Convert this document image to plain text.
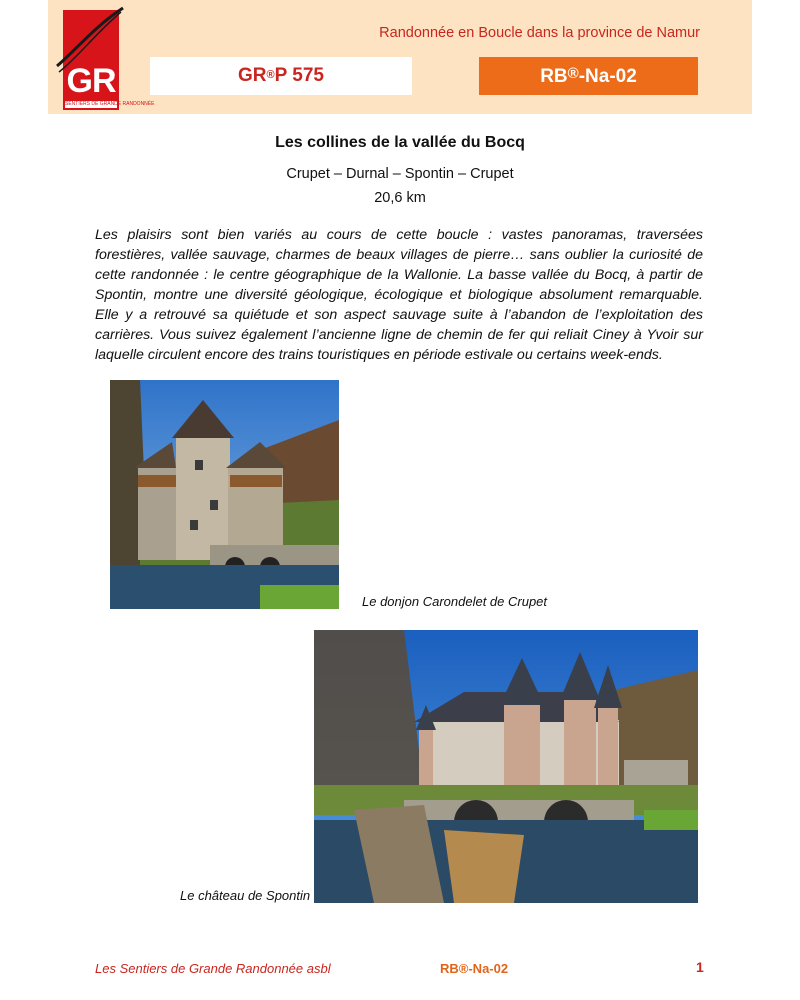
GR
SENTIERS DE GRANDE RANDONNÉE
Randonnée en Boucle dans la province de Namur
GR®P 575	RB®-Na-02
Les collines de la vallée du Bocq
Crupet – Durnal – Spontin – Crupet
20,6 km

Les plaisirs sont bien variés au cours de cette boucle : vastes panoramas, traversées forestières, vallée sauvage, charmes de beaux villages de pierre… sans oublier la curiosité de cette randonnée : le centre géographique de la Wallonie. La basse vallée du Bocq, à partir de Spontin, montre une diversité géologique, écologique et biologique absolument remarquable. Elle y a retrouvé sa quiétude et son aspect sauvage suite à l’abandon de l’exploitation des carrières. Vous suivez également l’ancienne ligne de chemin de fer qui reliait Ciney à Yvoir sur laquelle circulent encore des trains touristiques en période estivale ou certains week-ends.

Le donjon Carondelet de Crupet
Le château de Spontin
Les Sentiers de Grande Randonnée asbl	RB®-Na-02	1
